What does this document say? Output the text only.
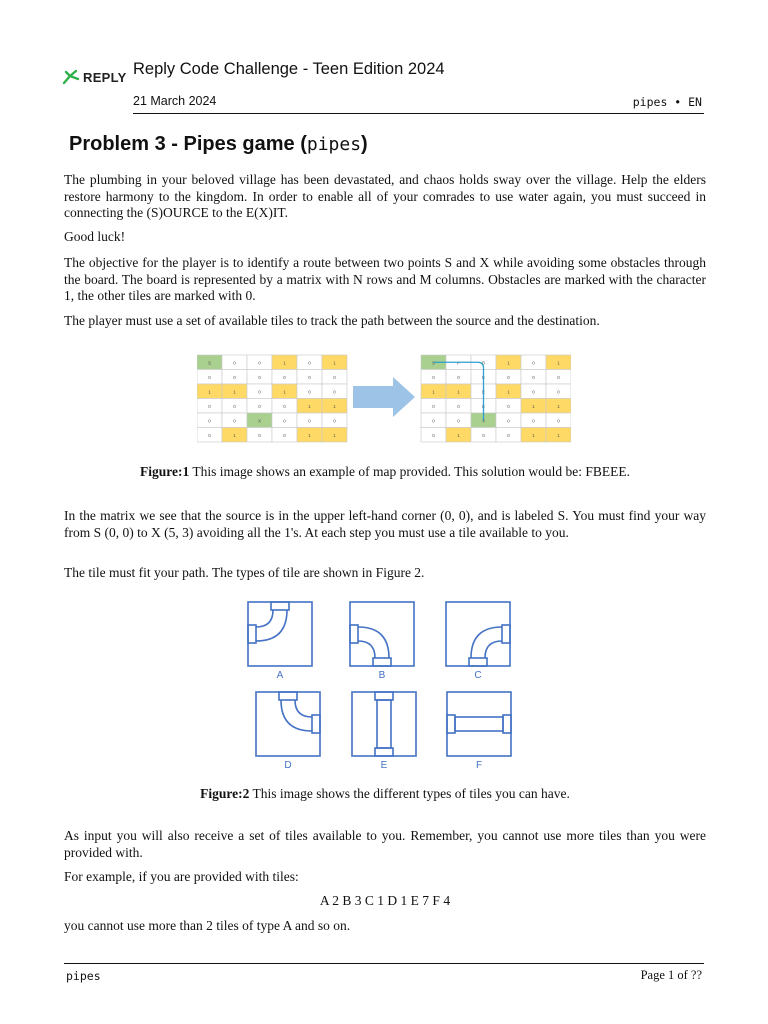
REPLY Reply Code Challenge - Teen Edition 2024
21 March 2024	pipes • EN
Problem 3 - Pipes game (pipes)

The plumbing in your beloved village has been devastated, and chaos holds sway over the village. Help the elders restore harmony to the kingdom. In order to enable all of your comrades to use water again, you must succeed in connecting the (S)OURCE to the E(X)IT.

Good luck!

The objective for the player is to identify a route between two points S and X while avoiding some obstacles through the board. The board is represented by a matrix with N rows and M columns. Obstacles are marked with the character 1, the other tiles are marked with 0.

The player must use a set of available tiles to track the path between the source and the destination.

S	0	0	1	0	1
0	0	0	0	0	0
1	1	0	1	0	0
0	0	0	0	1	1
0	0	X	0	0	0
0	1	0	0	1	1
S	F	B	1	0	1
0	0	E	0	0	0
1	1	E	1	0	0
0	0	E	0	1	1
0	0	X	0	0	0
0	1	0	0	1	1
Figure:1 This image shows an example of map provided. This solution would be: FBEEE.

In the matrix we see that the source is in the upper left-hand corner (0, 0), and is labeled S. You must find your way from S (0, 0) to X (5, 3) avoiding all the 1's. At each step you must use a tile available to you.

The tile must fit your path. The types of tile are shown in Figure 2.

A	B	C
D	E	F
Figure:2 This image shows the different types of tiles you can have.

As input you will also receive a set of tiles available to you. Remember, you cannot use more tiles than you were provided with.

For example, if you are provided with tiles:

A 2 B 3 C 1 D 1 E 7 F 4

you cannot use more than 2 tiles of type A and so on.

pipes	Page 1 of ??
